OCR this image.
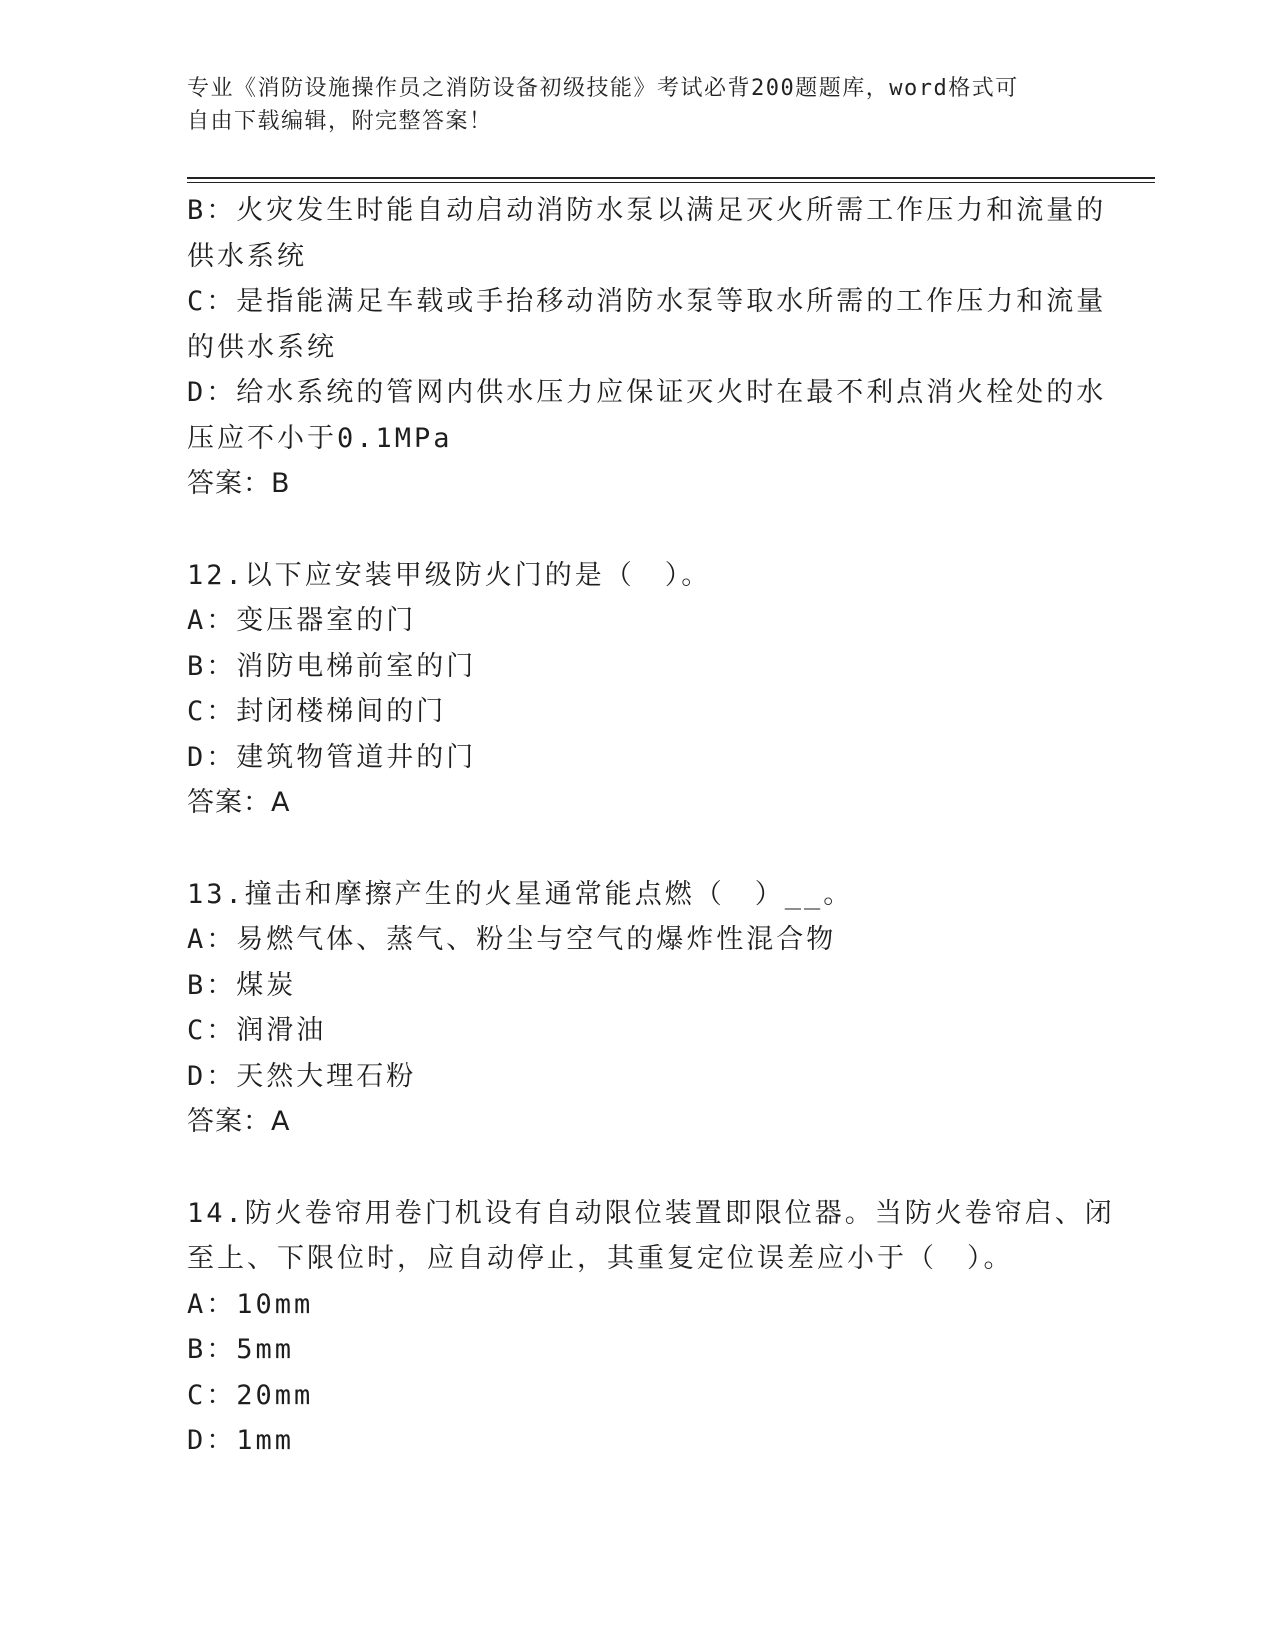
专业《消防设施操作员之消防设备初级技能》考试必背200题题库，word格式可
自由下载编辑，附完整答案！
B：火灾发生时能自动启动消防水泵以满足灭火所需工作压力和流量的
供水系统
C：是指能满足车载或手抬移动消防水泵等取水所需的工作压力和流量
的供水系统
D：给水系统的管网内供水压力应保证灭火时在最不利点消火栓处的水
压应不小于0.1MPa
答案：B
12.以下应安装甲级防火门的是（　）。
A：变压器室的门
B：消防电梯前室的门
C：封闭楼梯间的门
D：建筑物管道井的门
答案：A
13.撞击和摩擦产生的火星通常能点燃（　）__。
A：易燃气体、蒸气、粉尘与空气的爆炸性混合物
B：煤炭
C：润滑油
D：天然大理石粉
答案：A
14.防火卷帘用卷门机设有自动限位装置即限位器。当防火卷帘启、闭
至上、下限位时，应自动停止，其重复定位误差应小于（　）。
A：10mm
B：5mm
C：20mm
D：1mm
